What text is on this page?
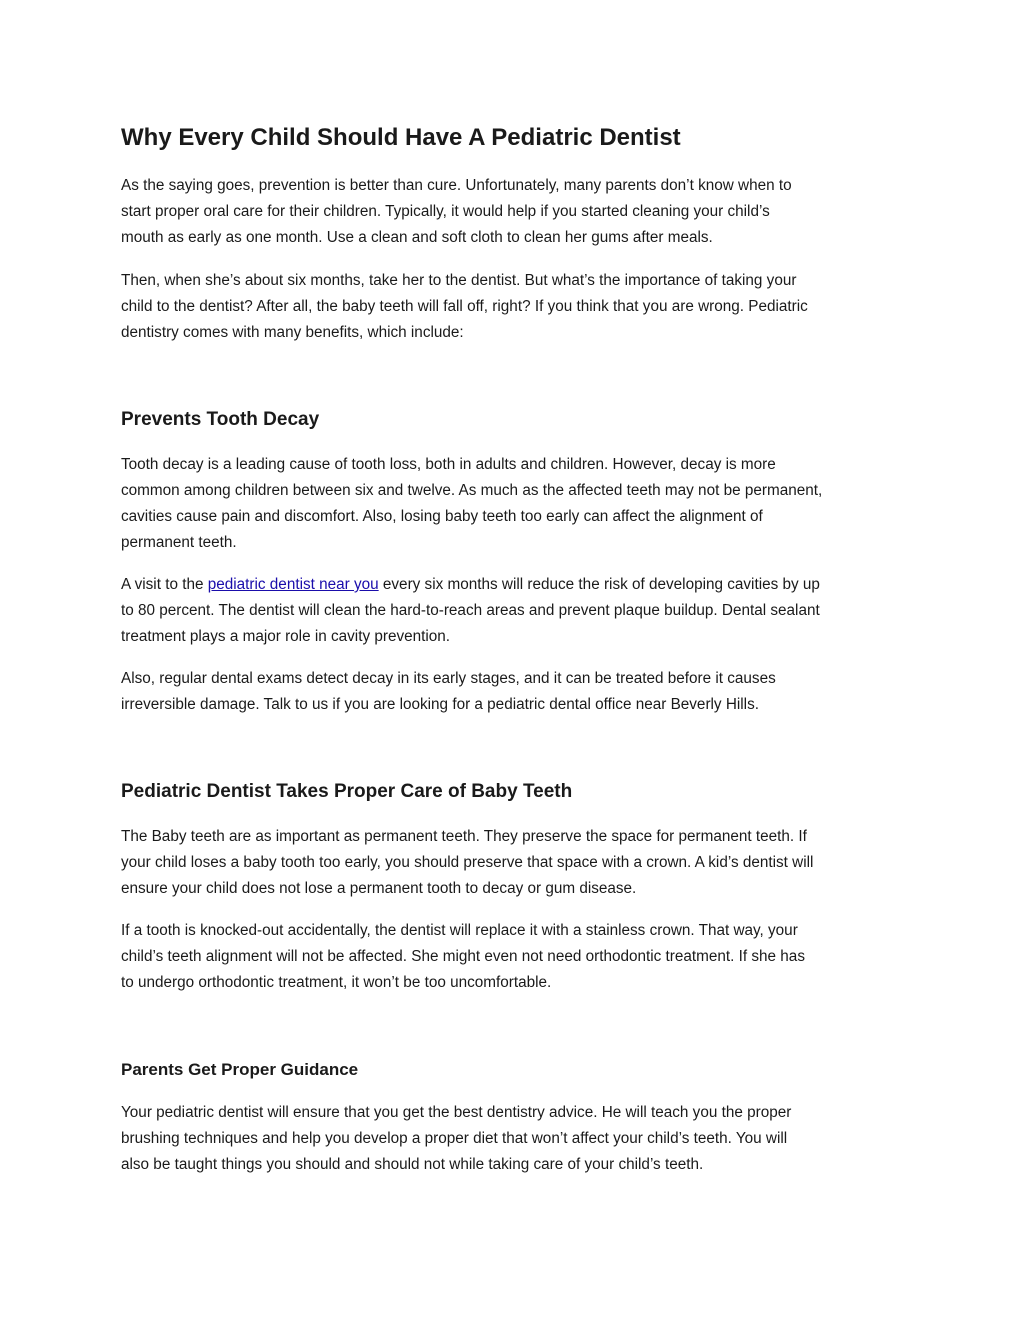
Why Every Child Should Have A Pediatric Dentist

As the saying goes, prevention is better than cure. Unfortunately, many parents don’t know when to
start proper oral care for their children. Typically, it would help if you started cleaning your child’s
mouth as early as one month. Use a clean and soft cloth to clean her gums after meals.

Then, when she’s about six months, take her to the dentist. But what’s the importance of taking your
child to the dentist? After all, the baby teeth will fall off, right? If you think that you are wrong. Pediatric
dentistry comes with many benefits, which include:

Prevents Tooth Decay

Tooth decay is a leading cause of tooth loss, both in adults and children. However, decay is more
common among children between six and twelve. As much as the affected teeth may not be permanent,
cavities cause pain and discomfort. Also, losing baby teeth too early can affect the alignment of
permanent teeth.

A visit to the pediatric dentist near you every six months will reduce the risk of developing cavities by up
to 80 percent. The dentist will clean the hard-to-reach areas and prevent plaque buildup. Dental sealant
treatment plays a major role in cavity prevention.

Also, regular dental exams detect decay in its early stages, and it can be treated before it causes
irreversible damage. Talk to us if you are looking for a pediatric dental office near Beverly Hills.

Pediatric Dentist Takes Proper Care of Baby Teeth

The Baby teeth are as important as permanent teeth. They preserve the space for permanent teeth. If
your child loses a baby tooth too early, you should preserve that space with a crown. A kid’s dentist will
ensure your child does not lose a permanent tooth to decay or gum disease.

If a tooth is knocked-out accidentally, the dentist will replace it with a stainless crown. That way, your
child’s teeth alignment will not be affected. She might even not need orthodontic treatment. If she has
to undergo orthodontic treatment, it won’t be too uncomfortable.

Parents Get Proper Guidance

Your pediatric dentist will ensure that you get the best dentistry advice. He will teach you the proper
brushing techniques and help you develop a proper diet that won’t affect your child’s teeth. You will
also be taught things you should and should not while taking care of your child’s teeth.
